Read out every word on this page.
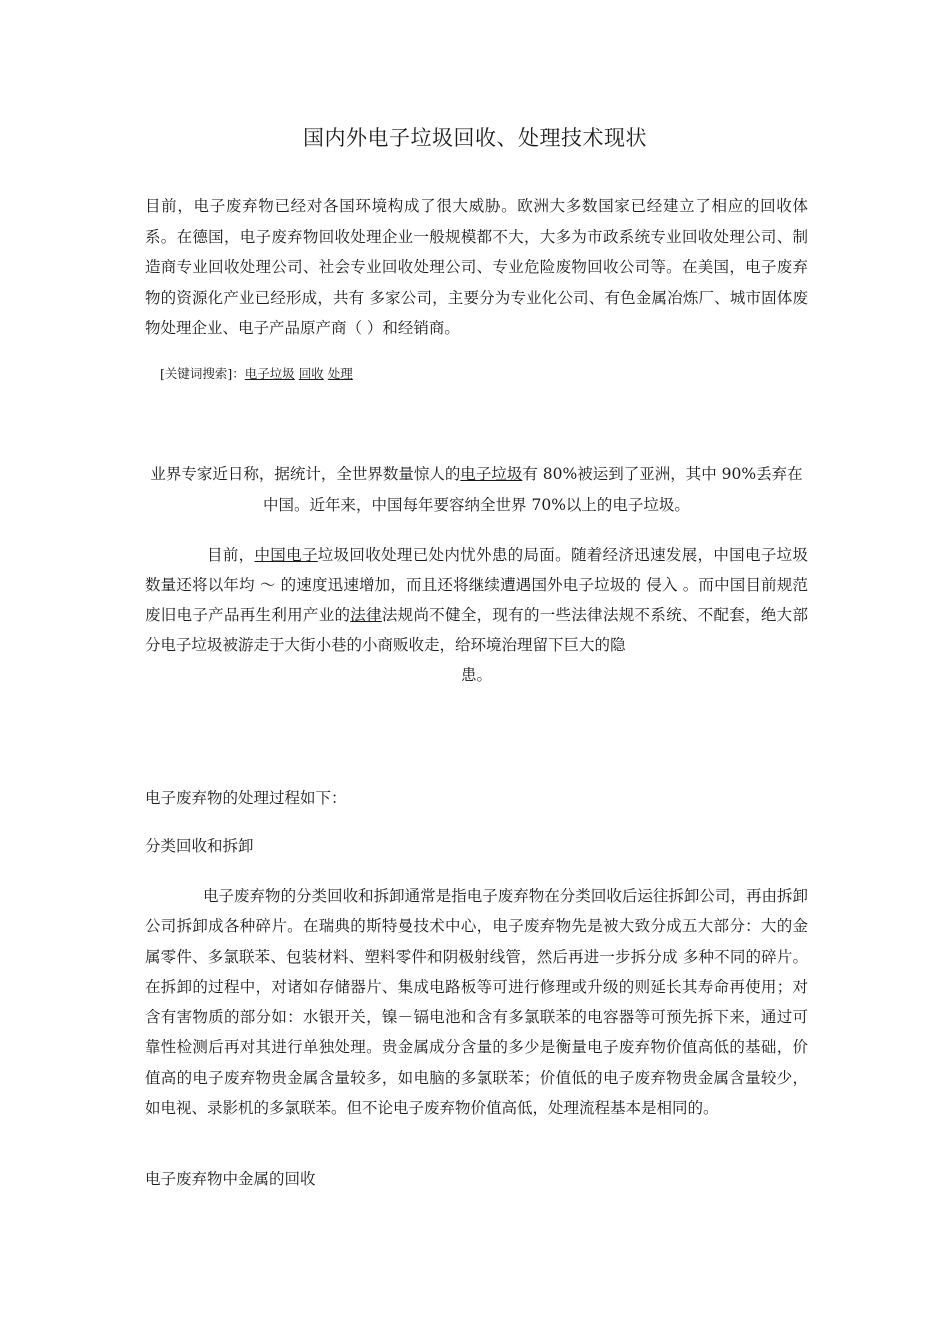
国内外电子垃圾回收、处理技术现状
目前，电子废弃物已经对各国环境构成了很大威胁。欧洲大多数国家已经建立了相应的回收体系。在德国，电子废弃物回收处理企业一般规模都不大，大多为市政系统专业回收处理公司、制造商专业回收处理公司、社会专业回收处理公司、专业危险废物回收公司等。在美国，电子废弃物的资源化产业已经形成，共有 多家公司，主要分为专业化公司、有色金属冶炼厂、城市固体废物处理企业、电子产品原产商（ ）和经销商。
[关键词搜索]：电子垃圾 回收 处理
业界专家近日称，据统计，全世界数量惊人的电子垃圾有 80%被运到了亚洲，其中 90%丢弃在中国。近年来，中国每年要容纳全世界 70%以上的电子垃圾。
目前，中国电子垃圾回收处理已处内忧外患的局面。随着经济迅速发展，中国电子垃圾数量还将以年均 ～ 的速度迅速增加，而且还将继续遭遇国外电子垃圾的 侵入 。而中国目前规范废旧电子产品再生利用产业的法律法规尚不健全，现有的一些法律法规不系统、不配套，绝大部分电子垃圾被游走于大街小巷的小商贩收走，给环境治理留下巨大的隐
患。
电子废弃物的处理过程如下：
分类回收和拆卸
电子废弃物的分类回收和拆卸通常是指电子废弃物在分类回收后运往拆卸公司，再由拆卸公司拆卸成各种碎片。在瑞典的斯特曼技术中心，电子废弃物先是被大致分成五大部分：大的金属零件、多氯联苯、包装材料、塑料零件和阴极射线管，然后再进一步拆分成 多种不同的碎片。在拆卸的过程中，对诸如存储器片、集成电路板等可进行修理或升级的则延长其寿命再使用；对含有害物质的部分如：水银开关，镍－镉电池和含有多氯联苯的电容器等可预先拆下来，通过可靠性检测后再对其进行单独处理。贵金属成分含量的多少是衡量电子废弃物价值高低的基础，价值高的电子废弃物贵金属含量较多，如电脑的多氯联苯；价值低的电子废弃物贵金属含量较少，如电视、录影机的多氯联苯。但不论电子废弃物价值高低，处理流程基本是相同的。
电子废弃物中金属的回收
